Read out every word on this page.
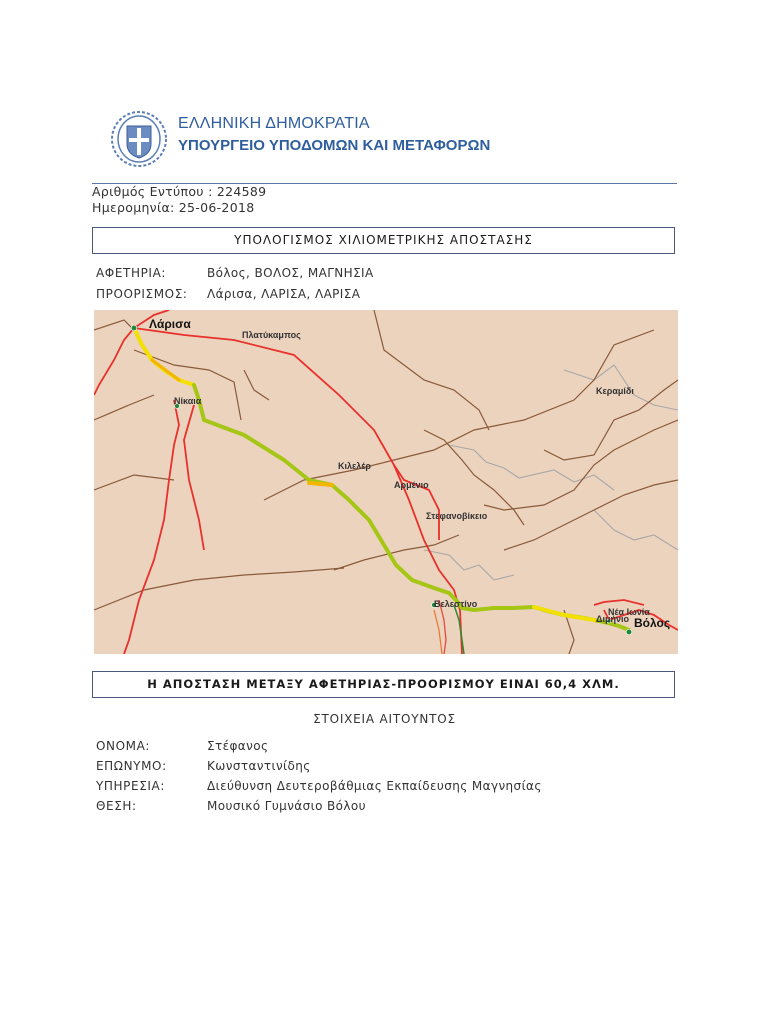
ΕΛΛΗΝΙΚΗ ΔΗΜΟΚΡΑΤΙΑ
ΥΠΟΥΡΓΕΙΟ ΥΠΟΔΟΜΩΝ ΚΑΙ ΜΕΤΑΦΟΡΩΝ
Αριθμός Εντύπου : 224589
Ημερομηνία: 25-06-2018
ΥΠΟΛΟΓΙΣΜΟΣ ΧΙΛΙΟΜΕΤΡΙΚΗΣ ΑΠΟΣΤΑΣΗΣ
ΑΦΕΤΗΡΙΑ:	Βόλος, ΒΟΛΟΣ, ΜΑΓΝΗΣΙΑ
ΠΡΟΟΡΙΣΜΟΣ: Λάρισα, ΛΑΡΙΣΑ, ΛΑΡΙΣΑ
Λάρισα
Πλατύκαμπος
Νίκαια
Κεραμίδι
Κιλελέρ
Αρμένιο
Στεφανοβίκειο
Βελεστίνο
Νέα Ιωνία
Βόλος
Διμήνιο
Η ΑΠΟΣΤΑΣΗ ΜΕΤΑΞΥ ΑΦΕΤΗΡΙΑΣ-ΠΡΟΟΡΙΣΜΟΥ ΕΙΝΑΙ 60,4 ΧΛΜ.
ΣΤΟΙΧΕΙΑ ΑΙΤΟΥΝΤΟΣ
ΟΝΟΜΑ:	Στέφανος
ΕΠΩΝΥΜΟ:	Κωνσταντινίδης
ΥΠΗΡΕΣΙΑ:	Διεύθυνση Δευτεροβάθμιας Εκπαίδευσης Μαγνησίας
ΘΕΣΗ:	Μουσικό Γυμνάσιο Βόλου
